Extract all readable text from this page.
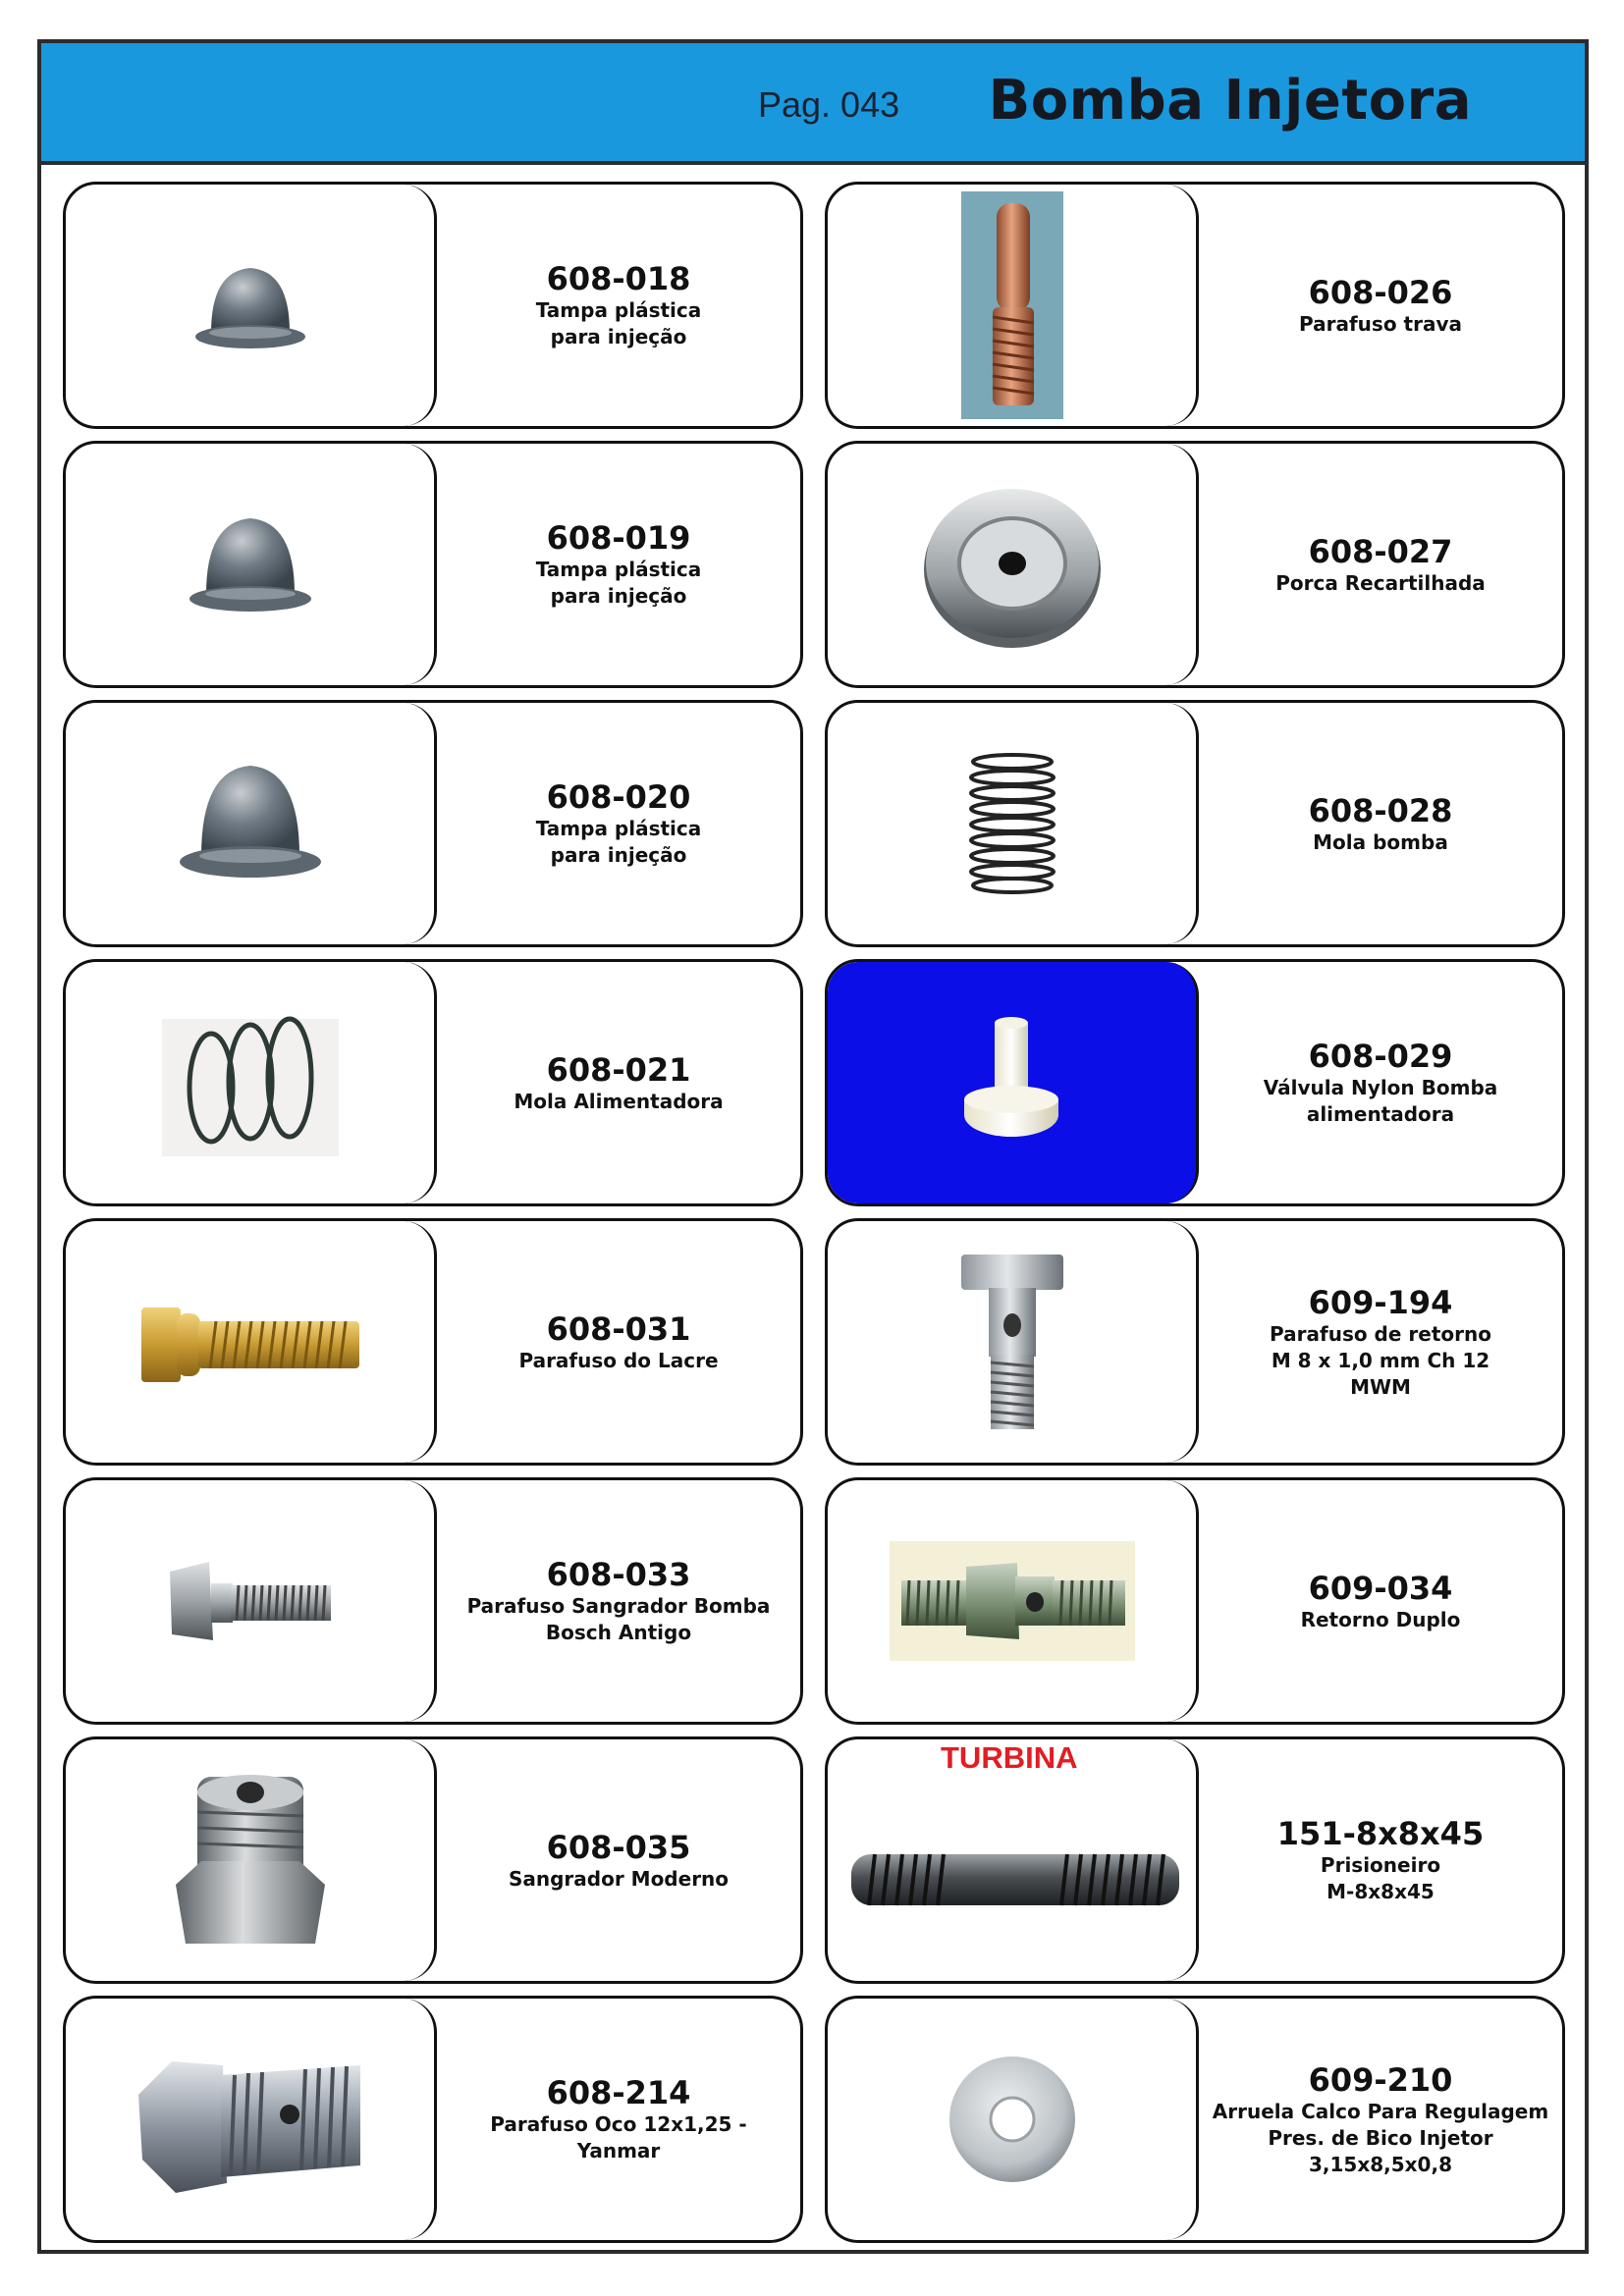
Pag. 043 Bomba Injetora
608-018
Tampa plástica
para injeção
608-026
Parafuso trava
608-019
Tampa plástica
para injeção
608-027
Porca Recartilhada
608-020
Tampa plástica
para injeção
608-028
Mola bomba
608-021
Mola Alimentadora
608-029
Válvula Nylon Bomba
alimentadora
608-031
Parafuso do Lacre
609-194
Parafuso de retorno
M 8 x 1,0 mm Ch 12
MWM
608-033
Parafuso Sangrador Bomba
Bosch Antigo
609-034
Retorno Duplo
608-035
Sangrador Moderno
151-8x8x45
Prisioneiro
M-8x8x45
TURBINA
608-214
Parafuso Oco 12x1,25 -
Yanmar
609-210
Arruela Calco Para Regulagem
Pres. de Bico Injetor
3,15x8,5x0,8
